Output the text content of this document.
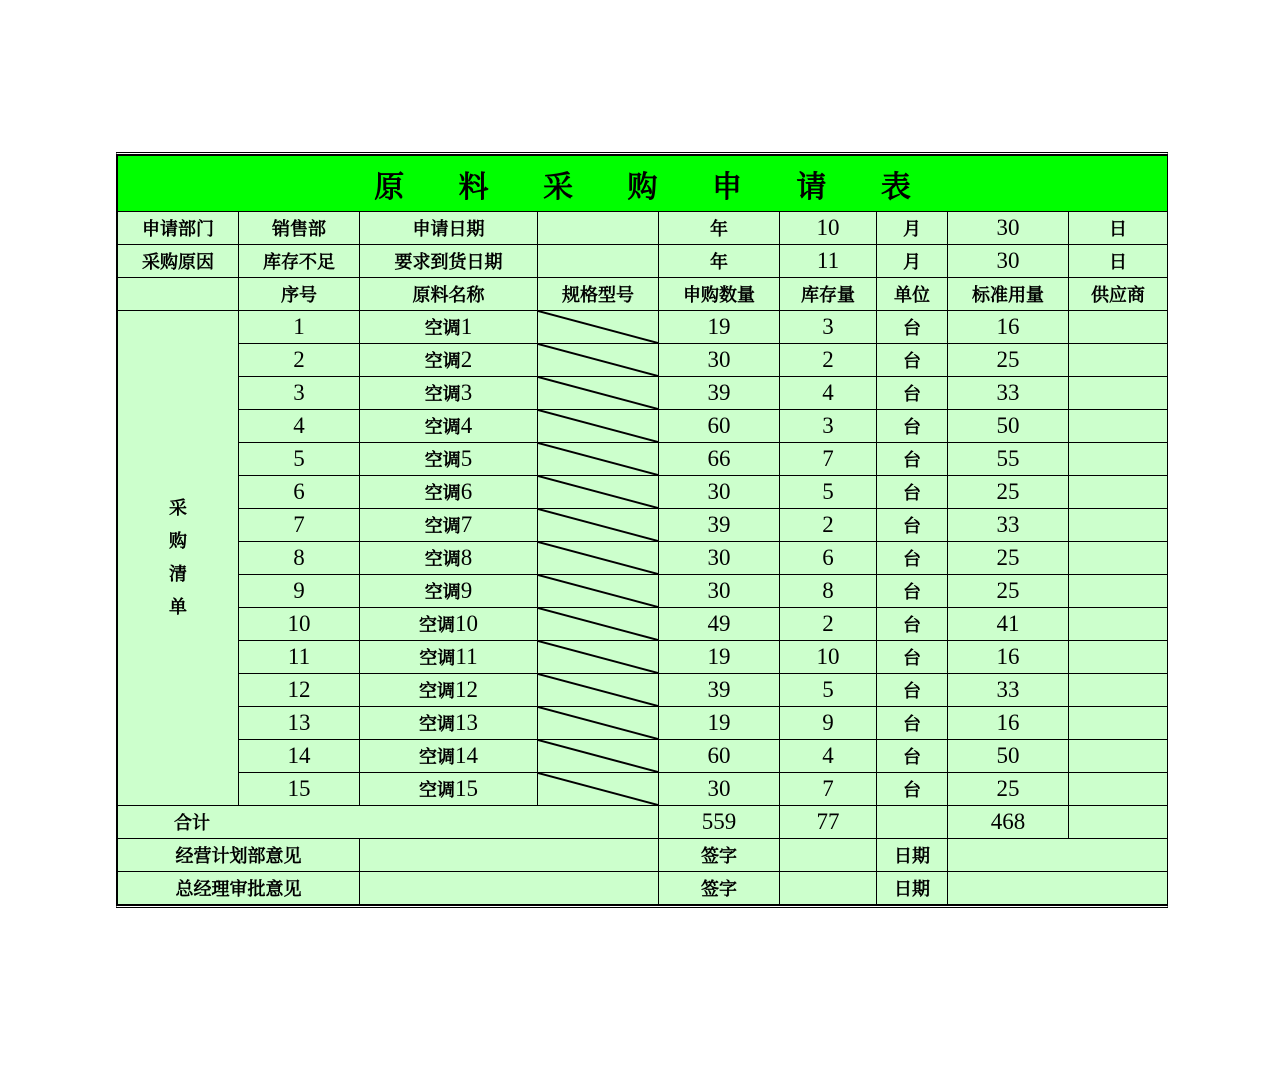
原 料 采 购 申 请 表								
申请部门	销售部	申请日期		年	10	月	30	日
采购原因	库存不足	要求到货日期		年	11	月	30	日
	序号	原料名称	规格型号	申购数量	库存量	单位	标准用量	供应商
采
购
清
单	1	空调1		19	3	台	16	
	2	空调2		30	2	台	25	
	3	空调3		39	4	台	33	
	4	空调4		60	3	台	50	
	5	空调5		66	7	台	55	
	6	空调6		30	5	台	25	
	7	空调7		39	2	台	33	
	8	空调8		30	6	台	25	
	9	空调9		30	8	台	25	
	10	空调10		49	2	台	41	
	11	空调11		19	10	台	16	
	12	空调12		39	5	台	33	
	13	空调13		19	9	台	16	
	14	空调14		60	4	台	50	
	15	空调15		30	7	台	25	
合计				559	77		468	
经营计划部意见				签字		日期		
总经理审批意见				签字		日期		
